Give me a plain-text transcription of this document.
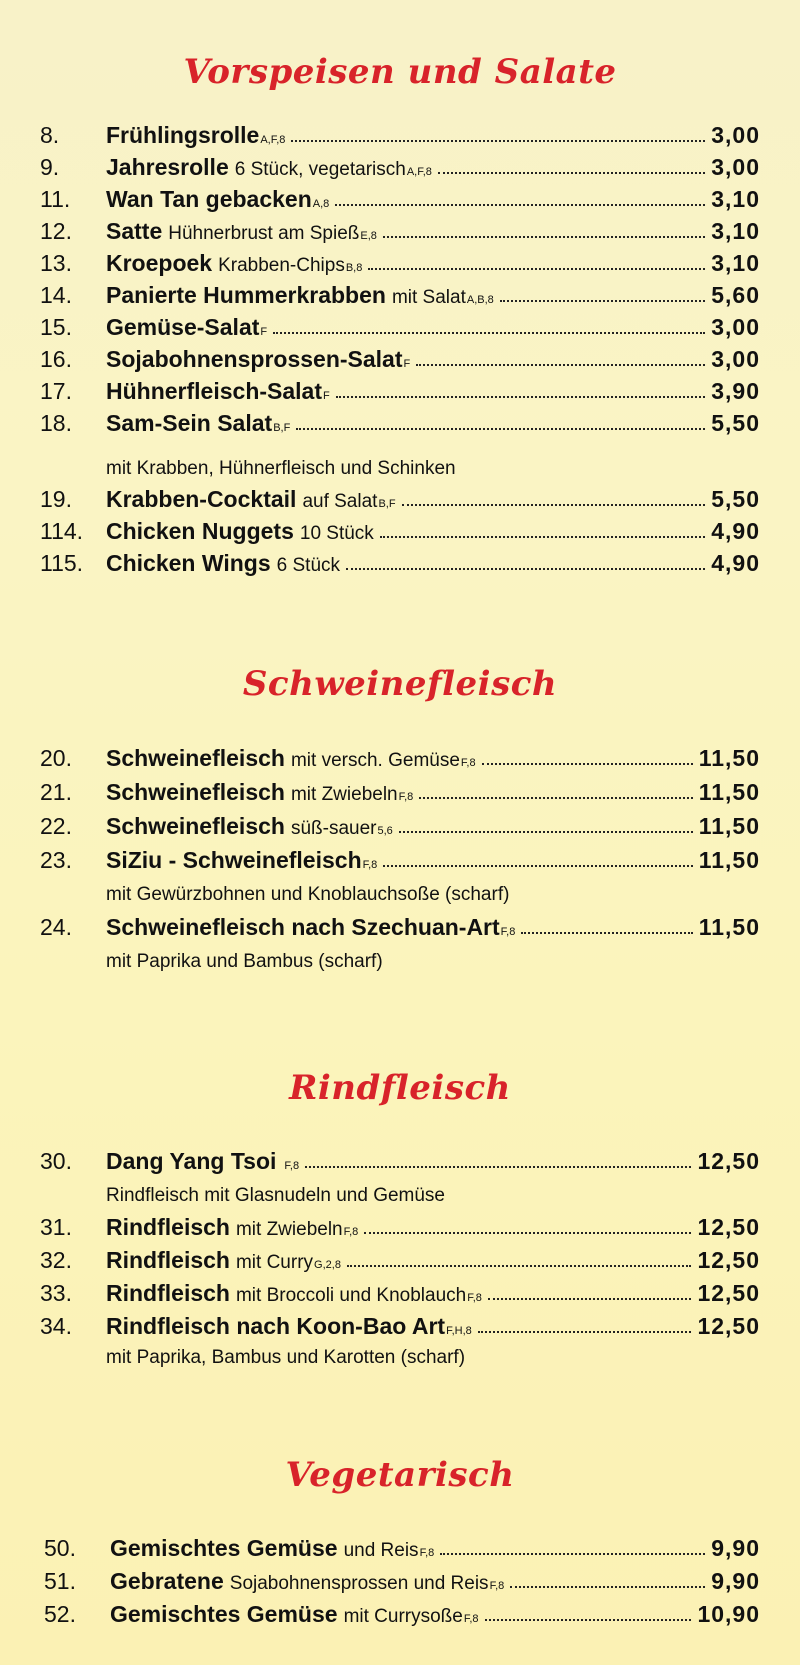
Vorspeisen und Salate
8. Frühlingsrolle A,F,8	3,00
9. Jahresrolle 6 Stück, vegetarisch A,F,8	3,00
11. Wan Tan gebacken A,8	3,10
12. Satte Hühnerbrust am Spieß E,8	3,10
13. Kroepoek Krabben-Chips B,8	3,10
14. Panierte Hummerkrabben mit Salat A,B,8	5,60
15. Gemüse-Salat F	3,00
16. Sojabohnensprossen-Salat F	3,00
17. Hühnerfleisch-Salat F	3,90
18. Sam-Sein Salat B,F	5,50
mit Krabben, Hühnerfleisch und Schinken
19. Krabben-Cocktail auf Salat B,F	5,50
114. Chicken Nuggets 10 Stück	4,90
115. Chicken Wings 6 Stück	4,90
Schweinefleisch
20. Schweinefleisch mit versch. Gemüse F,8	11,50
21. Schweinefleisch mit Zwiebeln F,8	11,50
22. Schweinefleisch süß-sauer 5,6	11,50
23. SiZiu - Schweinefleisch F,8	11,50
mit Gewürzbohnen und Knoblauchsoße (scharf)
24. Schweinefleisch nach Szechuan-Art F,8	11,50
mit Paprika und Bambus (scharf)
Rindfleisch
30. Dang Yang Tsoi F,8	12,50
Rindfleisch mit Glasnudeln und Gemüse
31. Rindfleisch mit Zwiebeln F,8	12,50
32. Rindfleisch mit Curry G,2,8	12,50
33. Rindfleisch mit Broccoli und Knoblauch F,8	12,50
34. Rindfleisch nach Koon-Bao Art F,H,8	12,50
mit Paprika, Bambus und Karotten (scharf)
Vegetarisch
50. Gemischtes Gemüse und Reis F,8	9,90
51. Gebratene Sojabohnensprossen und Reis F,8	9,90
52. Gemischtes Gemüse mit Currysoße F,8	10,90
